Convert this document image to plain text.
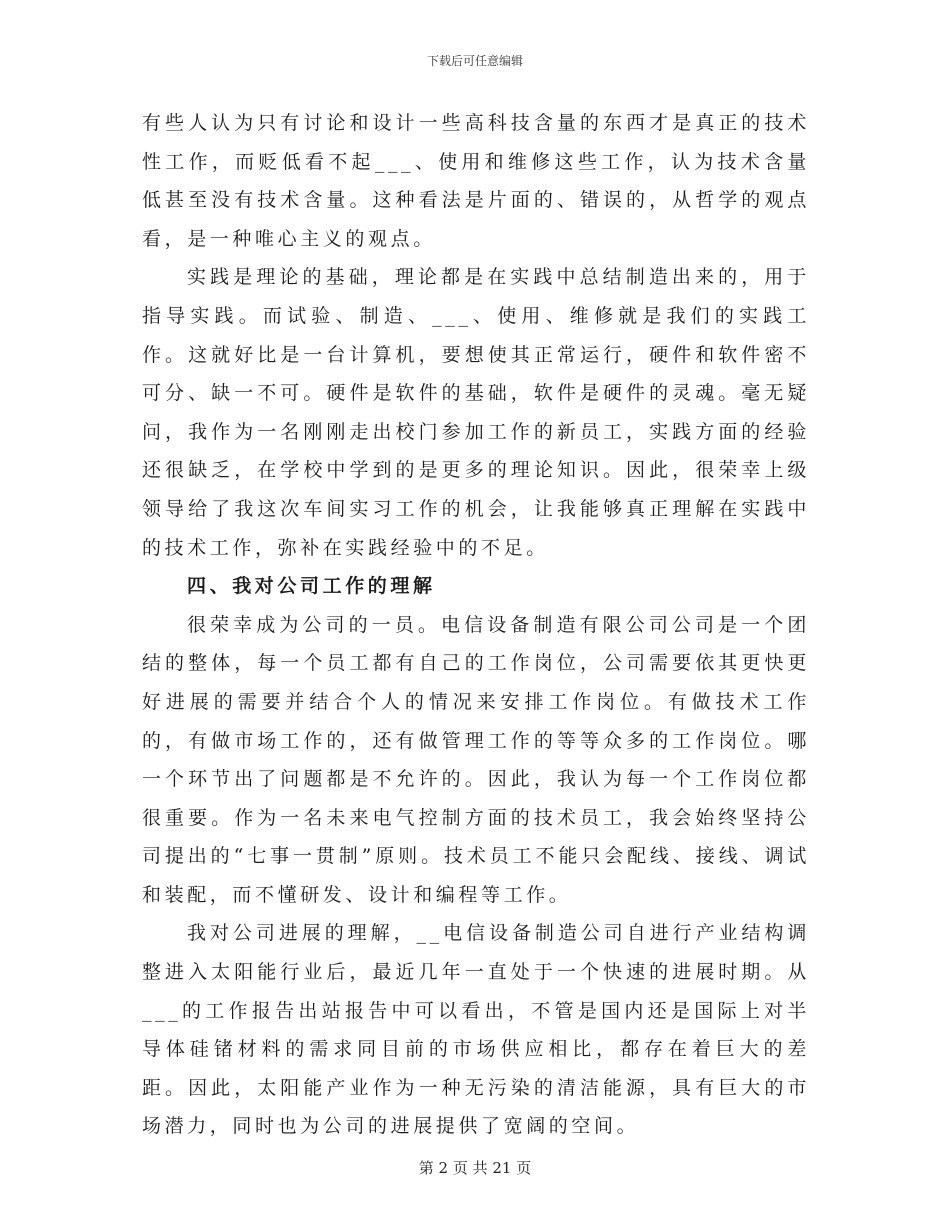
下载后可任意编辑

有些人认为只有讨论和设计一些高科技含量的东西才是真正的技术性工作，而贬低看不起___、使用和维修这些工作，认为技术含量低甚至没有技术含量。这种看法是片面的、错误的，从哲学的观点看，是一种唯心主义的观点。

实践是理论的基础，理论都是在实践中总结制造出来的，用于指导实践。而试验、制造、___、使用、维修就是我们的实践工作。这就好比是一台计算机，要想使其正常运行，硬件和软件密不可分、缺一不可。硬件是软件的基础，软件是硬件的灵魂。毫无疑问，我作为一名刚刚走出校门参加工作的新员工，实践方面的经验还很缺乏，在学校中学到的是更多的理论知识。因此，很荣幸上级领导给了我这次车间实习工作的机会，让我能够真正理解在实践中的技术工作，弥补在实践经验中的不足。

四、我对公司工作的理解

很荣幸成为公司的一员。电信设备制造有限公司公司是一个团结的整体，每一个员工都有自己的工作岗位，公司需要依其更快更好进展的需要并结合个人的情况来安排工作岗位。有做技术工作的，有做市场工作的，还有做管理工作的等等众多的工作岗位。哪一个环节出了问题都是不允许的。因此，我认为每一个工作岗位都很重要。作为一名未来电气控制方面的技术员工，我会始终坚持公司提出的“七事一贯制”原则。技术员工不能只会配线、接线、调试和装配，而不懂研发、设计和编程等工作。

我对公司进展的理解，__电信设备制造公司自进行产业结构调整进入太阳能行业后，最近几年一直处于一个快速的进展时期。从___的工作报告出站报告中可以看出，不管是国内还是国际上对半导体硅锗材料的需求同目前的市场供应相比，都存在着巨大的差距。因此，太阳能产业作为一种无污染的清洁能源，具有巨大的市场潜力，同时也为公司的进展提供了宽阔的空间。

第 2 页 共 21 页
